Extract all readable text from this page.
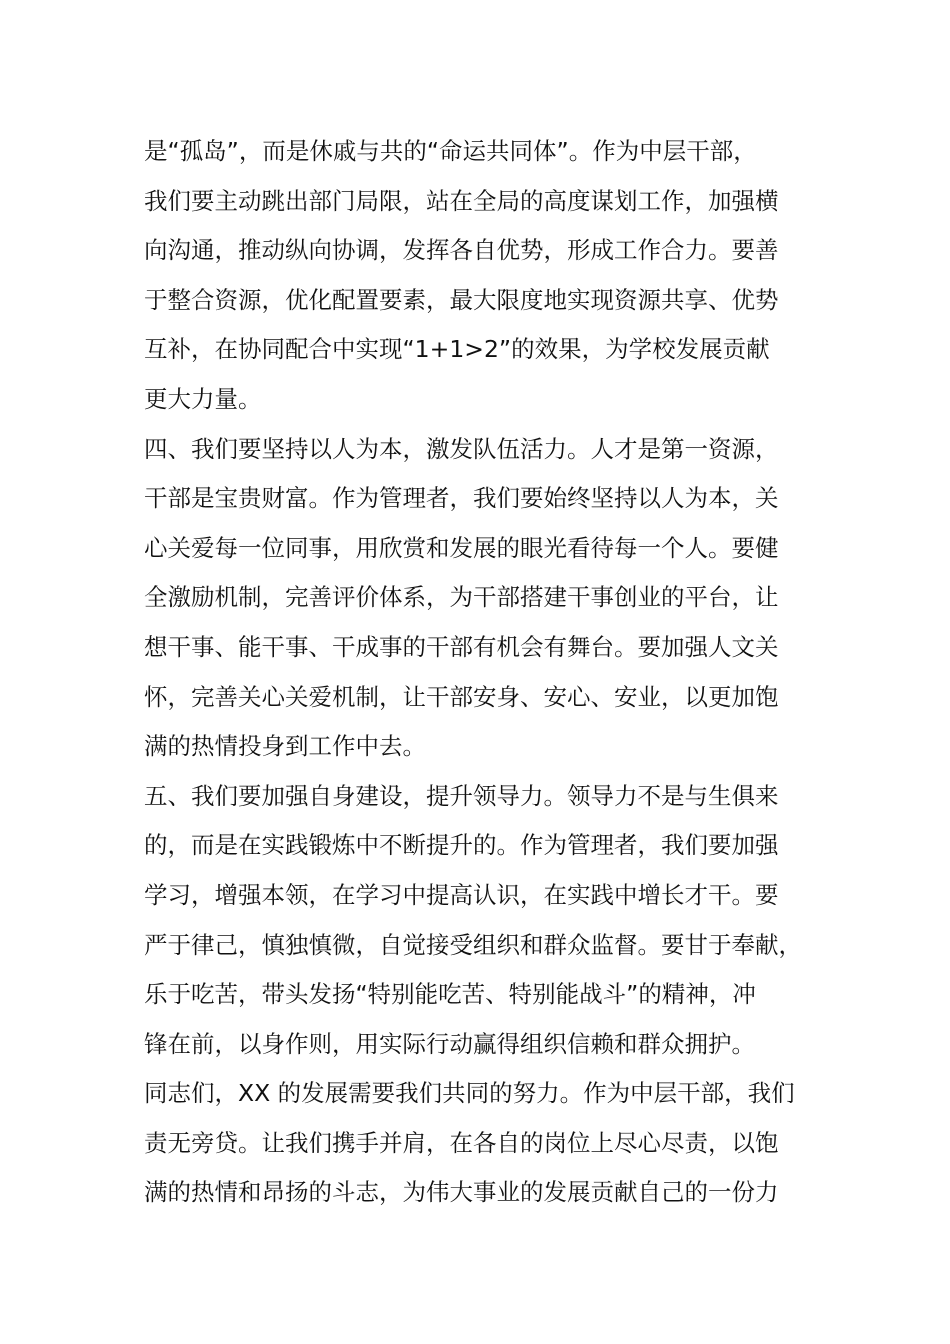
是“孤岛”，而是休戚与共的“命运共同体”。作为中层干部，
我们要主动跳出部门局限，站在全局的高度谋划工作，加强横
向沟通，推动纵向协调，发挥各自优势，形成工作合力。要善
于整合资源，优化配置要素，最大限度地实现资源共享、优势
互补，在协同配合中实现“1+1>2”的效果，为学校发展贡献
更大力量。
四、我们要坚持以人为本，激发队伍活力。人才是第一资源，
干部是宝贵财富。作为管理者，我们要始终坚持以人为本，关
心关爱每一位同事，用欣赏和发展的眼光看待每一个人。要健
全激励机制，完善评价体系，为干部搭建干事创业的平台，让
想干事、能干事、干成事的干部有机会有舞台。要加强人文关
怀，完善关心关爱机制，让干部安身、安心、安业，以更加饱
满的热情投身到工作中去。
五、我们要加强自身建设，提升领导力。领导力不是与生俱来
的，而是在实践锻炼中不断提升的。作为管理者，我们要加强
学习，增强本领，在学习中提高认识，在实践中增长才干。要
严于律己，慎独慎微，自觉接受组织和群众监督。要甘于奉献，
乐于吃苦，带头发扬“特别能吃苦、特别能战斗”的精神，冲
锋在前，以身作则，用实际行动赢得组织信赖和群众拥护。
同志们，XX 的发展需要我们共同的努力。作为中层干部，我们
责无旁贷。让我们携手并肩，在各自的岗位上尽心尽责，以饱
满的热情和昂扬的斗志，为伟大事业的发展贡献自己的一份力
